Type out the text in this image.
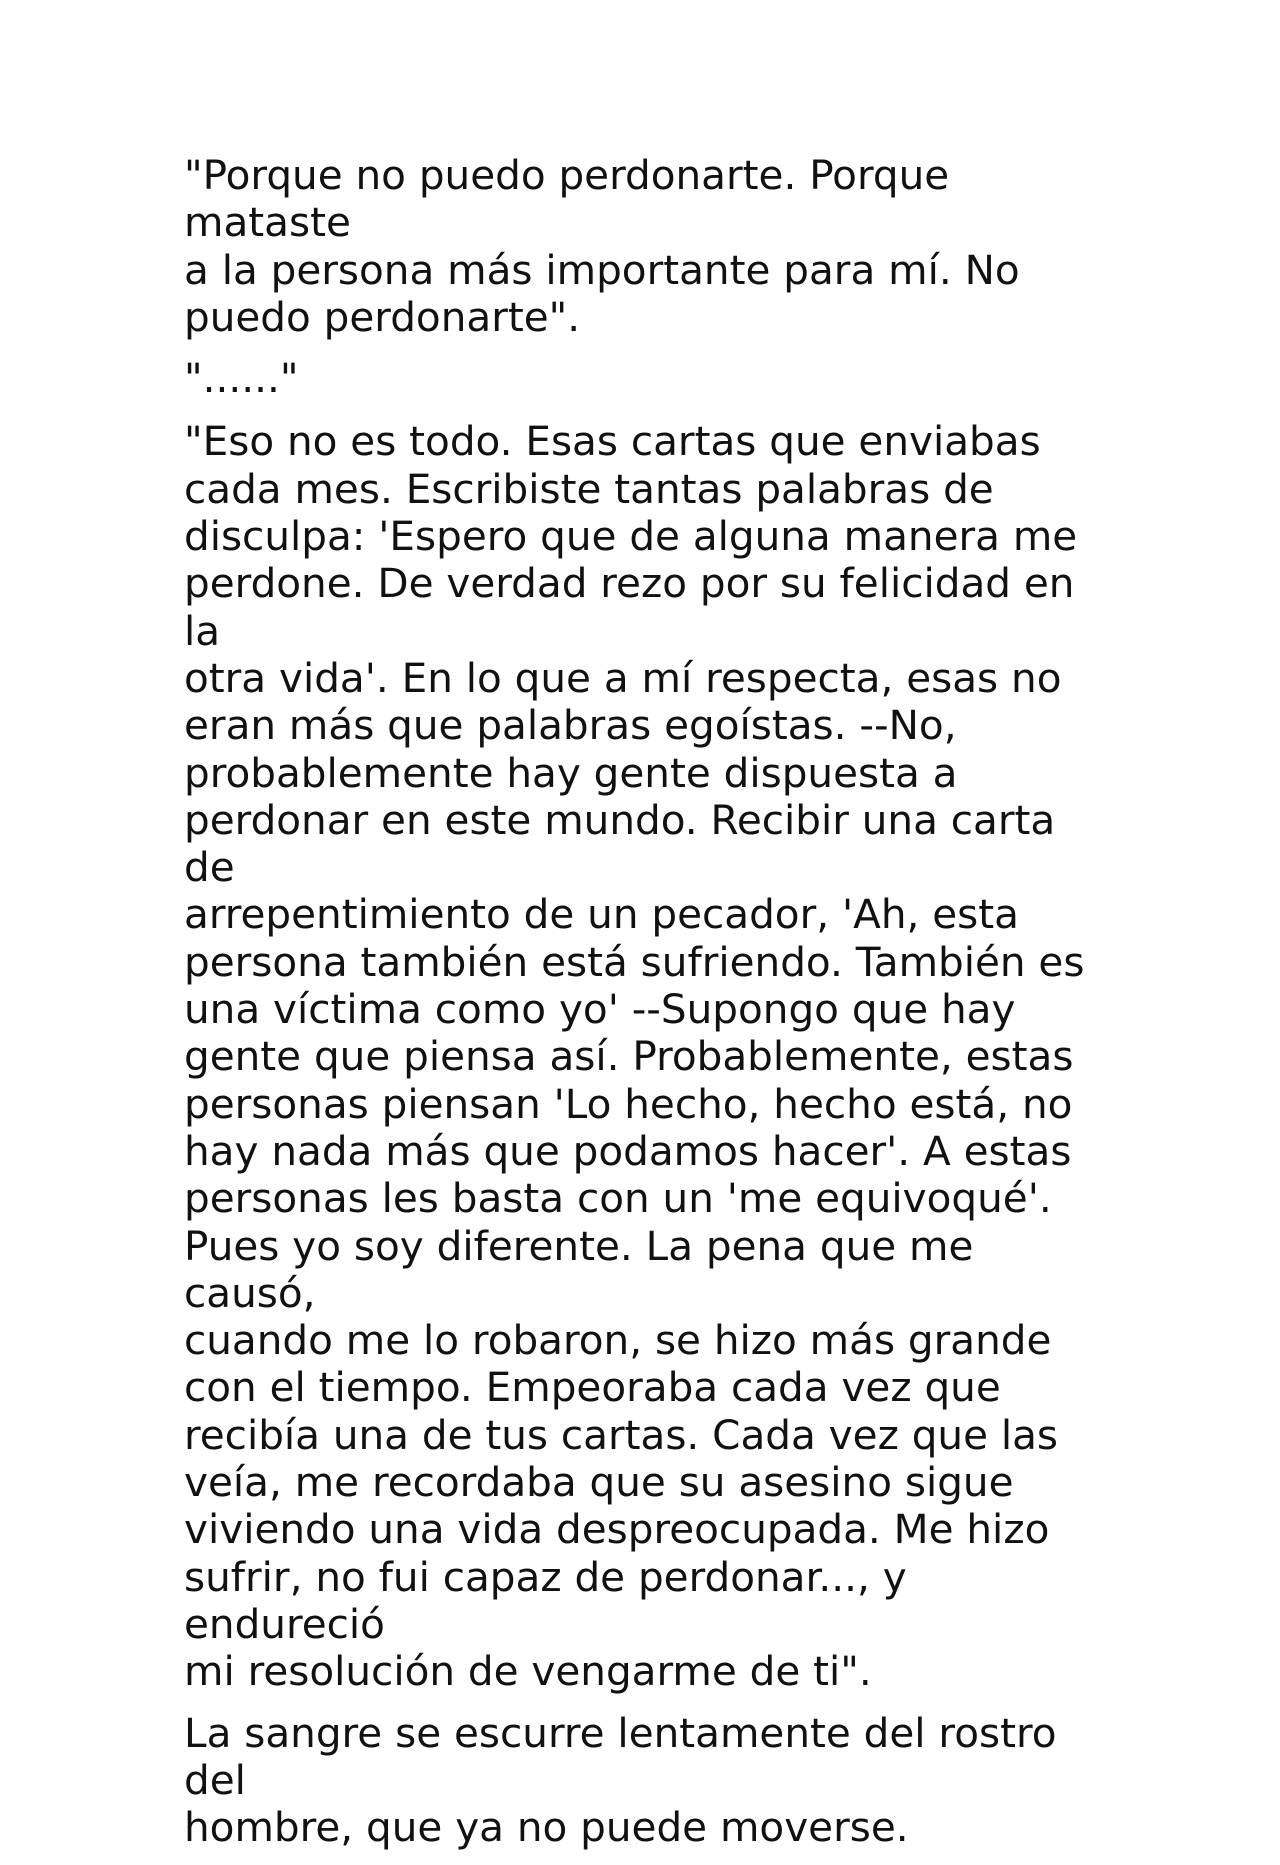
"Porque no puedo perdonarte. Porque mataste
a la persona más importante para mí. No
puedo perdonarte".

"......"

"Eso no es todo. Esas cartas que enviabas
cada mes. Escribiste tantas palabras de
disculpa: 'Espero que de alguna manera me
perdone. De verdad rezo por su felicidad en la
otra vida'. En lo que a mí respecta, esas no
eran más que palabras egoístas. --No,
probablemente hay gente dispuesta a
perdonar en este mundo. Recibir una carta de
arrepentimiento de un pecador, 'Ah, esta
persona también está sufriendo. También es
una víctima como yo' --Supongo que hay
gente que piensa así. Probablemente, estas
personas piensan 'Lo hecho, hecho está, no
hay nada más que podamos hacer'. A estas
personas les basta con un 'me equivoqué'.
Pues yo soy diferente. La pena que me causó,
cuando me lo robaron, se hizo más grande
con el tiempo. Empeoraba cada vez que
recibía una de tus cartas. Cada vez que las
veía, me recordaba que su asesino sigue
viviendo una vida despreocupada. Me hizo
sufrir, no fui capaz de perdonar..., y endureció
mi resolución de vengarme de ti".

La sangre se escurre lentamente del rostro del
hombre, que ya no puede moverse.
